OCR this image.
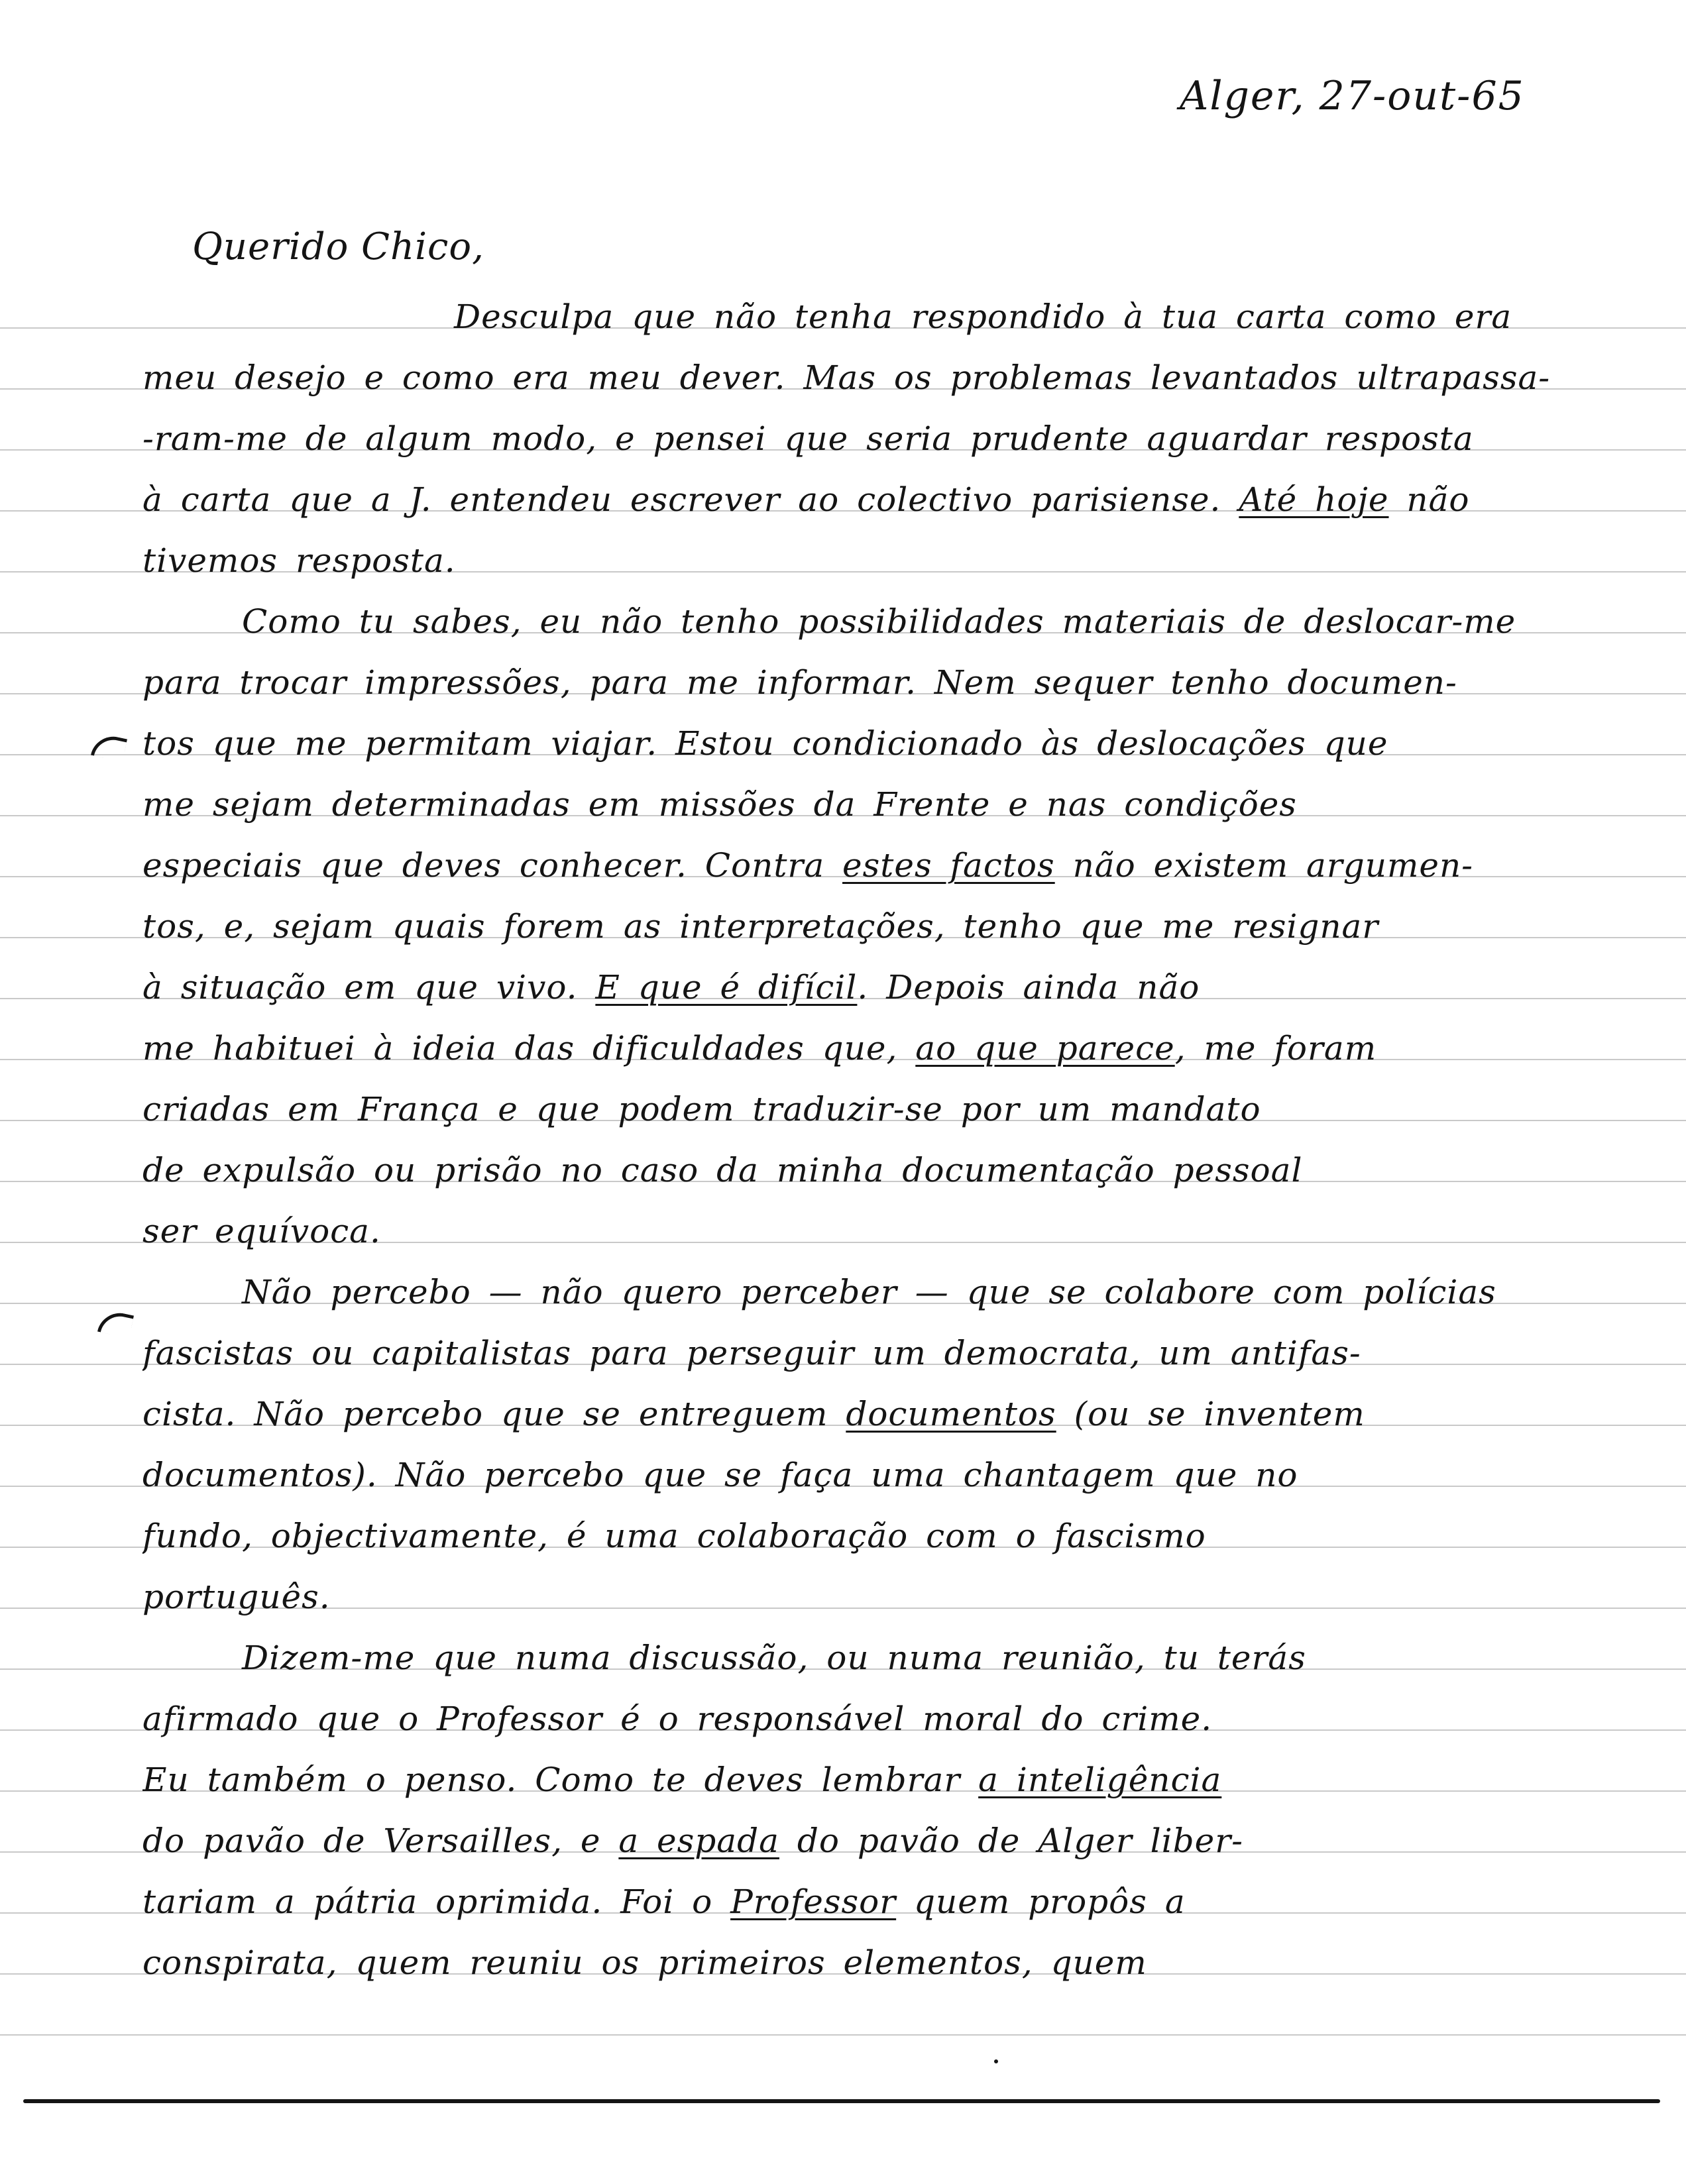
Alger, 27-out-65
Querido Chico,
Desculpa que não tenha respondido à tua carta como era
meu desejo e como era meu dever. Mas os problemas levantados ultrapassa-
-ram-me de algum modo, e pensei que seria prudente aguardar resposta
à carta que a J. entendeu escrever ao colectivo parisiense. Até hoje não
tivemos resposta.
Como tu sabes, eu não tenho possibilidades materiais de deslocar-me
para trocar impressões, para me informar. Nem sequer tenho documen-
tos que me permitam viajar. Estou condicionado às deslocações que
me sejam determinadas em missões da Frente e nas condições
especiais que deves conhecer. Contra estes factos não existem argumen-
tos, e, sejam quais forem as interpretações, tenho que me resignar
à situação em que vivo. E que é difícil. Depois ainda não
me habituei à ideia das dificuldades que, ao que parece, me foram
criadas em França e que podem traduzir-se por um mandato
de expulsão ou prisão no caso da minha documentação pessoal
ser equívoca.
Não percebo — não quero perceber — que se colabore com polícias
fascistas ou capitalistas para perseguir um democrata, um antifas-
cista. Não percebo que se entreguem documentos (ou se inventem
documentos). Não percebo que se faça uma chantagem que no
fundo, objectivamente, é uma colaboração com o fascismo
português.
Dizem-me que numa discussão, ou numa reunião, tu terás
afirmado que o Professor é o responsável moral do crime.
Eu também o penso. Como te deves lembrar a inteligência
do pavão de Versailles, e a espada do pavão de Alger liber-
tariam a pátria oprimida. Foi o Professor quem propôs a
conspirata, quem reuniu os primeiros elementos, quem
